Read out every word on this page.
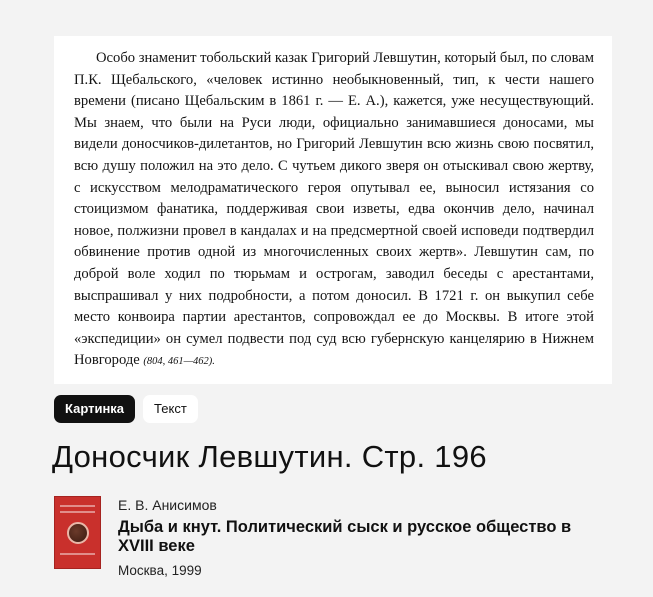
Особо знаменит тобольский казак Григорий Левшутин, который был, по словам П.К. Щебальского, «человек истинно необыкновенный, тип, к чести нашего времени (писано Щебальским в 1861 г. — Е. А.), кажется, уже несуществующий. Мы знаем, что были на Руси люди, официально занимавшиеся доносами, мы видели доносчиков-дилетантов, но Григорий Левшутин всю жизнь свою посвятил, всю душу положил на это дело. С чутьем дикого зверя он отыскивал свою жертву, с искусством мелодраматического героя опутывал ее, выносил истязания со стоицизмом фанатика, поддерживая свои изветы, едва окончив дело, начинал новое, полжизни провел в кандалах и на предсмертной своей исповеди подтвердил обвинение против одной из многочисленных своих жертв». Левшутин сам, по доброй воле ходил по тюрьмам и острогам, заводил беседы с арестантами, выспрашивал у них подробности, а потом доносил. В 1721 г. он выкупил себе место конвоира партии арестантов, сопровождал ее до Москвы. В итоге этой «экспедиции» он сумел подвести под суд всю губернскую канцелярию в Нижнем Новгороде (804, 461—462).

Картинка	Текст
Доносчик Левшутин. Стр. 196
Е. В. Анисимов
Дыба и кнут. Политический сыск и русское общество в XVIII веке
Москва, 1999
